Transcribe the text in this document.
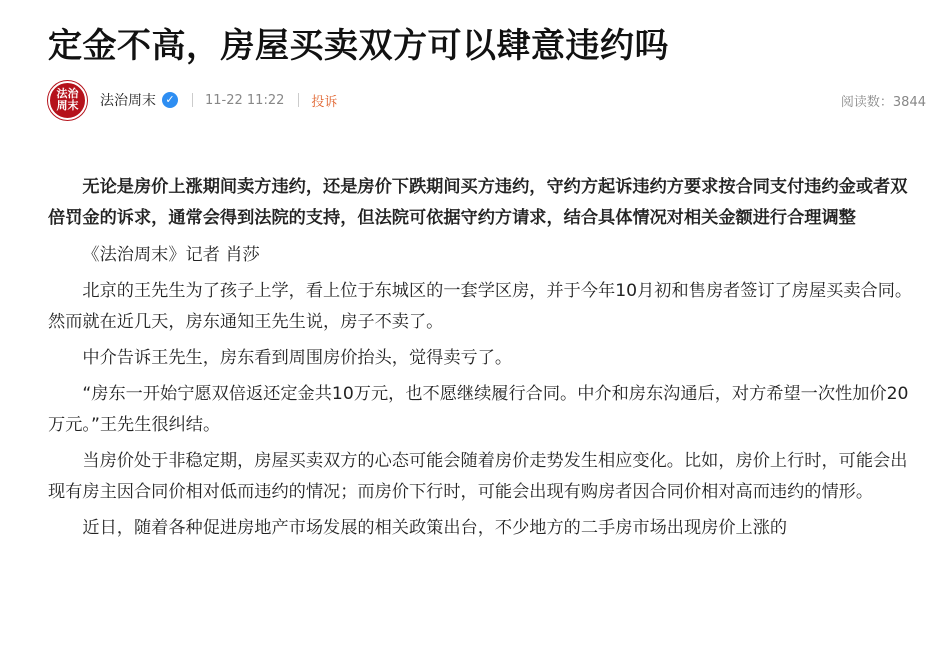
定金不高，房屋买卖双方可以肆意违约吗
法治
周末 法治周末 ✓ 11-22 11:22 投诉	阅读数：3844

无论是房价上涨期间卖方违约，还是房价下跌期间买方违约，守约方起诉违约方要求按合同支付违约金或者双倍罚金的诉求，通常会得到法院的支持，但法院可依据守约方请求，结合具体情况对相关金额进行合理调整

《法治周末》记者 肖莎

北京的王先生为了孩子上学，看上位于东城区的一套学区房，并于今年10月初和售房者签订了房屋买卖合同。然而就在近几天，房东通知王先生说，房子不卖了。

中介告诉王先生，房东看到周围房价抬头，觉得卖亏了。

“房东一开始宁愿双倍返还定金共10万元，也不愿继续履行合同。中介和房东沟通后，对方希望一次性加价20万元。”王先生很纠结。

当房价处于非稳定期，房屋买卖双方的心态可能会随着房价走势发生相应变化。比如，房价上行时，可能会出现有房主因合同价相对低而违约的情况；而房价下行时，可能会出现有购房者因合同价相对高而违约的情形。

近日，随着各种促进房地产市场发展的相关政策出台，不少地方的二手房市场出现房价上涨的
